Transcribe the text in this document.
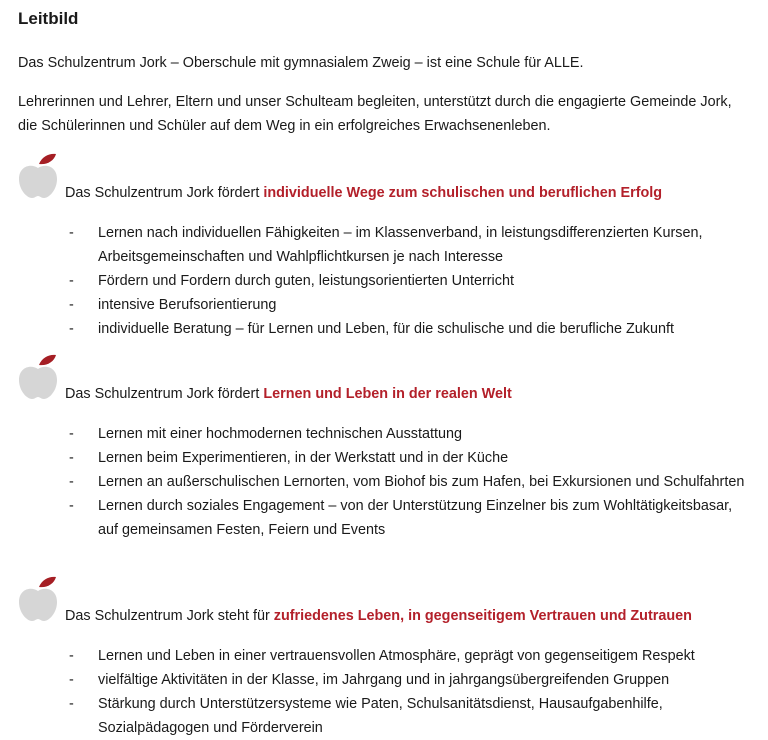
Leitbild
Das Schulzentrum Jork – Oberschule mit gymnasialem Zweig – ist eine Schule für ALLE.
Lehrerinnen und Lehrer, Eltern und unser Schulteam begleiten, unterstützt durch die engagierte Gemeinde Jork, die Schülerinnen und Schüler auf dem Weg in ein erfolgreiches Erwachsenenleben.
Das Schulzentrum Jork fördert individuelle Wege zum schulischen und beruflichen Erfolg
- Lernen nach individuellen Fähigkeiten – im Klassenverband, in leistungsdifferenzierten Kursen, Arbeitsgemeinschaften und Wahlpflichtkursen je nach Interesse
- Fördern und Fordern durch guten, leistungsorientierten Unterricht
- intensive Berufsorientierung
- individuelle Beratung – für Lernen und Leben, für die schulische und die berufliche Zukunft
Das Schulzentrum Jork fördert Lernen und Leben in der realen Welt
- Lernen mit einer hochmodernen technischen Ausstattung
- Lernen beim Experimentieren, in der Werkstatt und in der Küche
- Lernen an außerschulischen Lernorten, vom Biohof bis zum Hafen, bei Exkursionen und Schulfahrten
- Lernen durch soziales Engagement – von der Unterstützung Einzelner bis zum Wohltätigkeitsbasar, auf gemeinsamen Festen, Feiern und Events
Das Schulzentrum Jork steht für zufriedenes Leben, in gegenseitigem Vertrauen und Zutrauen
- Lernen und Leben in einer vertrauensvollen Atmosphäre, geprägt von gegenseitigem Respekt
- vielfältige Aktivitäten in der Klasse, im Jahrgang und in jahrgangsübergreifenden Gruppen
- Stärkung durch Unterstützersysteme wie Paten, Schulsanitätsdienst, Hausaufgabenhilfe, Sozialpädagogen und Förderverein
